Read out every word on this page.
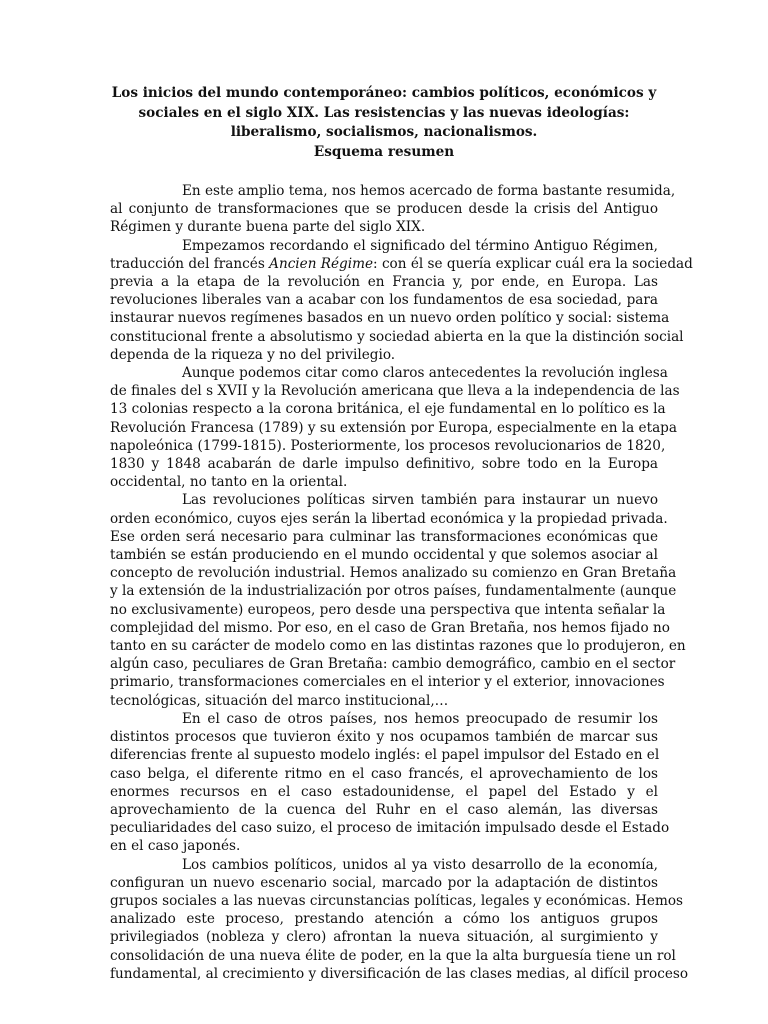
Los inicios del mundo contemporáneo: cambios políticos, económicos y
sociales en el siglo XIX. Las resistencias y las nuevas ideologías:
liberalismo, socialismos, nacionalismos.
Esquema resumen

En este amplio tema, nos hemos acercado de forma bastante resumida,
al conjunto de transformaciones que se producen desde la crisis del Antiguo
Régimen y durante buena parte del siglo XIX.

Empezamos recordando el significado del término Antiguo Régimen,
traducción del francés Ancien Régime: con él se quería explicar cuál era la sociedad
previa a la etapa de la revolución en Francia y, por ende, en Europa. Las
revoluciones liberales van a acabar con los fundamentos de esa sociedad, para
instaurar nuevos regímenes basados en un nuevo orden político y social: sistema
constitucional frente a absolutismo y sociedad abierta en la que la distinción social
dependa de la riqueza y no del privilegio.

Aunque podemos citar como claros antecedentes la revolución inglesa
de finales del s XVII y la Revolución americana que lleva a la independencia de las
13 colonias respecto a la corona británica, el eje fundamental en lo político es la
Revolución Francesa (1789) y su extensión por Europa, especialmente en la etapa
napoleónica (1799-1815). Posteriormente, los procesos revolucionarios de 1820,
1830 y 1848 acabarán de darle impulso definitivo, sobre todo en la Europa
occidental, no tanto en la oriental.

Las revoluciones políticas sirven también para instaurar un nuevo
orden económico, cuyos ejes serán la libertad económica y la propiedad privada.
Ese orden será necesario para culminar las transformaciones económicas que
también se están produciendo en el mundo occidental y que solemos asociar al
concepto de revolución industrial. Hemos analizado su comienzo en Gran Bretaña
y la extensión de la industrialización por otros países, fundamentalmente (aunque
no exclusivamente) europeos, pero desde una perspectiva que intenta señalar la
complejidad del mismo. Por eso, en el caso de Gran Bretaña, nos hemos fijado no
tanto en su carácter de modelo como en las distintas razones que lo produjeron, en
algún caso, peculiares de Gran Bretaña: cambio demográfico, cambio en el sector
primario, transformaciones comerciales en el interior y el exterior, innovaciones
tecnológicas, situación del marco institucional,…

En el caso de otros países, nos hemos preocupado de resumir los
distintos procesos que tuvieron éxito y nos ocupamos también de marcar sus
diferencias frente al supuesto modelo inglés: el papel impulsor del Estado en el
caso belga, el diferente ritmo en el caso francés, el aprovechamiento de los
enormes recursos en el caso estadounidense, el papel del Estado y el
aprovechamiento de la cuenca del Ruhr en el caso alemán, las diversas
peculiaridades del caso suizo, el proceso de imitación impulsado desde el Estado
en el caso japonés.

Los cambios políticos, unidos al ya visto desarrollo de la economía,
configuran un nuevo escenario social, marcado por la adaptación de distintos
grupos sociales a las nuevas circunstancias políticas, legales y económicas. Hemos
analizado este proceso, prestando atención a cómo los antiguos grupos
privilegiados (nobleza y clero) afrontan la nueva situación, al surgimiento y
consolidación de una nueva élite de poder, en la que la alta burguesía tiene un rol
fundamental, al crecimiento y diversificación de las clases medias, al difícil proceso
